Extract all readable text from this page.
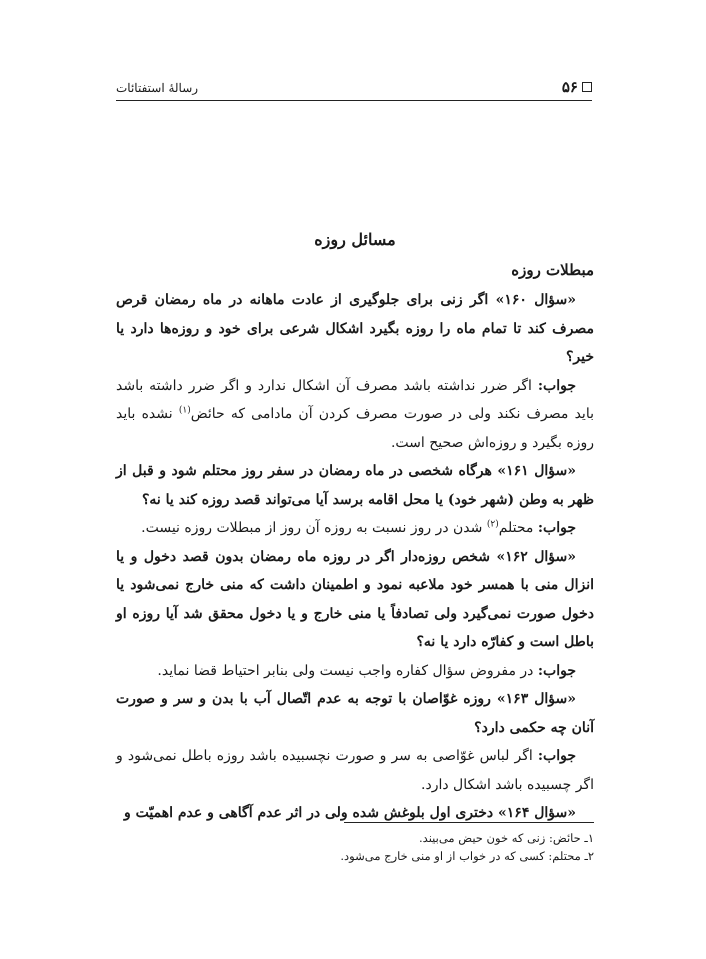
۵۶
رسالهٔ استفتائات
مسائل روزه
مبطلات روزه

«سؤال ۱۶۰» اگر زنی برای جلوگیری از عادت ماهانه در ماه رمضان قرص مصرف کند تا تمام ماه را روزه بگیرد اشکال شرعی برای خود و روزه‌ها دارد یا خیر؟

جواب: اگر ضرر نداشته باشد مصرف آن اشکال ندارد و اگر ضرر داشته باشد باید مصرف نکند ولی در صورت مصرف کردن آن مادامی که حائض$^{(۱)}$ نشده باید روزه بگیرد و روزه‌اش صحیح است.

«سؤال ۱۶۱» هرگاه شخصی در ماه رمضان در سفر روز محتلم شود و قبل از ظهر به وطن (شهر خود) یا محل اقامه برسد آیا می‌تواند قصد روزه کند یا نه؟

جواب: محتلم$^{(۲)}$ شدن در روز نسبت به روزه آن روز از مبطلات روزه نیست.

«سؤال ۱۶۲» شخص روزه‌دار اگر در روزه ماه رمضان بدون قصد دخول و یا انزال منی با همسر خود ملاعبه نمود و اطمینان داشت که منی خارج نمی‌شود یا دخول صورت نمی‌گیرد ولی تصادفاً یا منی خارج و یا دخول محقق شد آیا روزه او باطل است و کفارّه دارد یا نه؟

جواب: در مفروض سؤال کفاره واجب نیست ولی بنابر احتیاط قضا نماید.

«سؤال ۱۶۳» روزه غوّاصان با توجه به عدم اتّصال آب با بدن و سر و صورت آنان چه حکمی دارد؟

جواب: اگر لباس غوّاصی به سر و صورت نچسبیده باشد روزه باطل نمی‌شود و اگر چسبیده باشد اشکال دارد.

«سؤال ۱۶۴» دختری اول بلوغش شده ولی در اثر عدم آگاهی و عدم اهمیّت و

۱ـ حائض: زنی که خون حیض می‌بیند.

۲ـ محتلم: کسی که در خواب از او منی خارج می‌شود.
